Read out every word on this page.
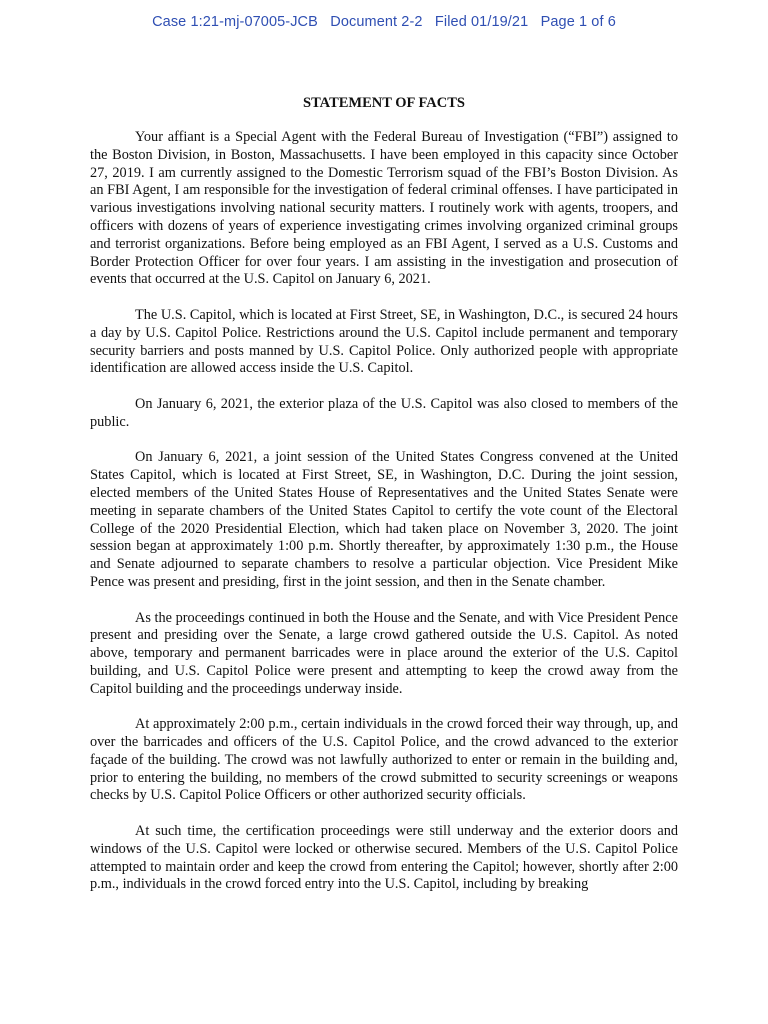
Case 1:21-mj-07005-JCB   Document 2-2   Filed 01/19/21   Page 1 of 6
STATEMENT OF FACTS

Your affiant is a Special Agent with the Federal Bureau of Investigation (“FBI”) assigned to the Boston Division, in Boston, Massachusetts. I have been employed in this capacity since October 27, 2019. I am currently assigned to the Domestic Terrorism squad of the FBI’s Boston Division. As an FBI Agent, I am responsible for the investigation of federal criminal offenses. I have participated in various investigations involving national security matters. I routinely work with agents, troopers, and officers with dozens of years of experience investigating crimes involving organized criminal groups and terrorist organizations. Before being employed as an FBI Agent, I served as a U.S. Customs and Border Protection Officer for over four years. I am assisting in the investigation and prosecution of events that occurred at the U.S. Capitol on January 6, 2021.

The U.S. Capitol, which is located at First Street, SE, in Washington, D.C., is secured 24 hours a day by U.S. Capitol Police. Restrictions around the U.S. Capitol include permanent and temporary security barriers and posts manned by U.S. Capitol Police. Only authorized people with appropriate identification are allowed access inside the U.S. Capitol.

On January 6, 2021, the exterior plaza of the U.S. Capitol was also closed to members of the public.

On January 6, 2021, a joint session of the United States Congress convened at the United States Capitol, which is located at First Street, SE, in Washington, D.C. During the joint session, elected members of the United States House of Representatives and the United States Senate were meeting in separate chambers of the United States Capitol to certify the vote count of the Electoral College of the 2020 Presidential Election, which had taken place on November 3, 2020. The joint session began at approximately 1:00 p.m. Shortly thereafter, by approximately 1:30 p.m., the House and Senate adjourned to separate chambers to resolve a particular objection. Vice President Mike Pence was present and presiding, first in the joint session, and then in the Senate chamber.

As the proceedings continued in both the House and the Senate, and with Vice President Pence present and presiding over the Senate, a large crowd gathered outside the U.S. Capitol. As noted above, temporary and permanent barricades were in place around the exterior of the U.S. Capitol building, and U.S. Capitol Police were present and attempting to keep the crowd away from the Capitol building and the proceedings underway inside.

At approximately 2:00 p.m., certain individuals in the crowd forced their way through, up, and over the barricades and officers of the U.S. Capitol Police, and the crowd advanced to the exterior façade of the building. The crowd was not lawfully authorized to enter or remain in the building and, prior to entering the building, no members of the crowd submitted to security screenings or weapons checks by U.S. Capitol Police Officers or other authorized security officials.

At such time, the certification proceedings were still underway and the exterior doors and windows of the U.S. Capitol were locked or otherwise secured. Members of the U.S. Capitol Police attempted to maintain order and keep the crowd from entering the Capitol; however, shortly after 2:00 p.m., individuals in the crowd forced entry into the U.S. Capitol, including by breaking
